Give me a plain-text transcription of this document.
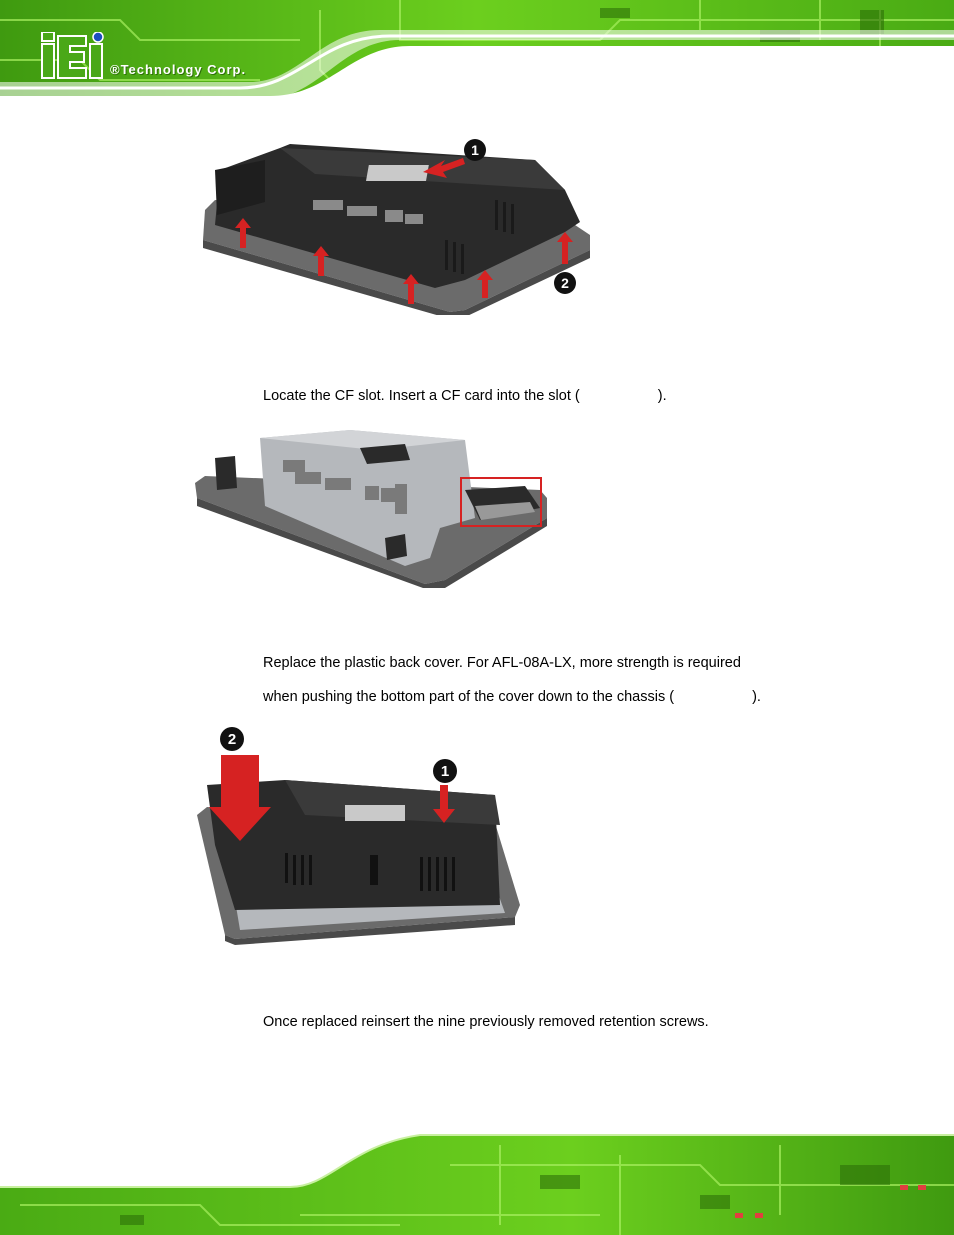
®Technology Corp.
1
2
Locate the CF slot. Insert a CF card into the slot (	).
Replace the plastic back cover. For AFL-08A-LX, more strength is required
when pushing the bottom part of the cover down to the chassis (	).
2
1
Once replaced reinsert the nine previously removed retention screws.
